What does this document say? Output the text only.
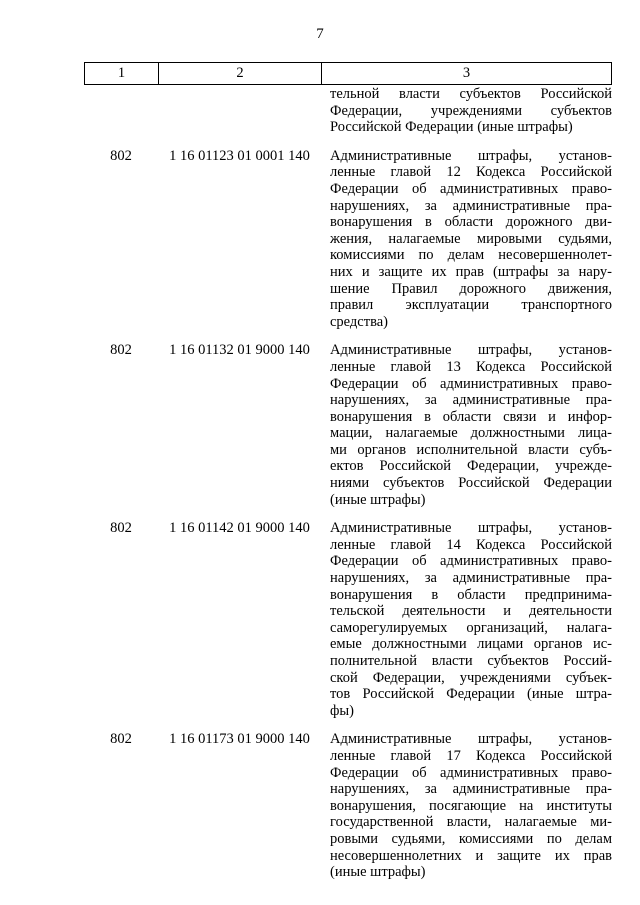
7
1	2	3
тельной власти субъектов Российской
Федерации, учреждениями субъектов
Российской Федерации (иные штрафы)
802	1 16 01123 01 0001 140	Административные штрафы, установ-
ленные главой 12 Кодекса Российской
Федерации об административных право-
нарушениях, за административные пра-
вонарушения в области дорожного дви-
жения, налагаемые мировыми судьями,
комиссиями по делам несовершеннолет-
них и защите их прав (штрафы за нару-
шение Правил дорожного движения,
правил эксплуатации транспортного
средства)
802	1 16 01132 01 9000 140	Административные штрафы, установ-
ленные главой 13 Кодекса Российской
Федерации об административных право-
нарушениях, за административные пра-
вонарушения в области связи и инфор-
мации, налагаемые должностными лица-
ми органов исполнительной власти субъ-
ектов Российской Федерации, учрежде-
ниями субъектов Российской Федерации
(иные штрафы)
802	1 16 01142 01 9000 140	Административные штрафы, установ-
ленные главой 14 Кодекса Российской
Федерации об административных право-
нарушениях, за административные пра-
вонарушения в области предпринима-
тельской деятельности и деятельности
саморегулируемых организаций, налага-
емые должностными лицами органов ис-
полнительной власти субъектов Россий-
ской Федерации, учреждениями субъек-
тов Российской Федерации (иные штра-
фы)
802	1 16 01173 01 9000 140	Административные штрафы, установ-
ленные главой 17 Кодекса Российской
Федерации об административных право-
нарушениях, за административные пра-
вонарушения, посягающие на институты
государственной власти, налагаемые ми-
ровыми судьями, комиссиями по делам
несовершеннолетних и защите их прав
(иные штрафы)
